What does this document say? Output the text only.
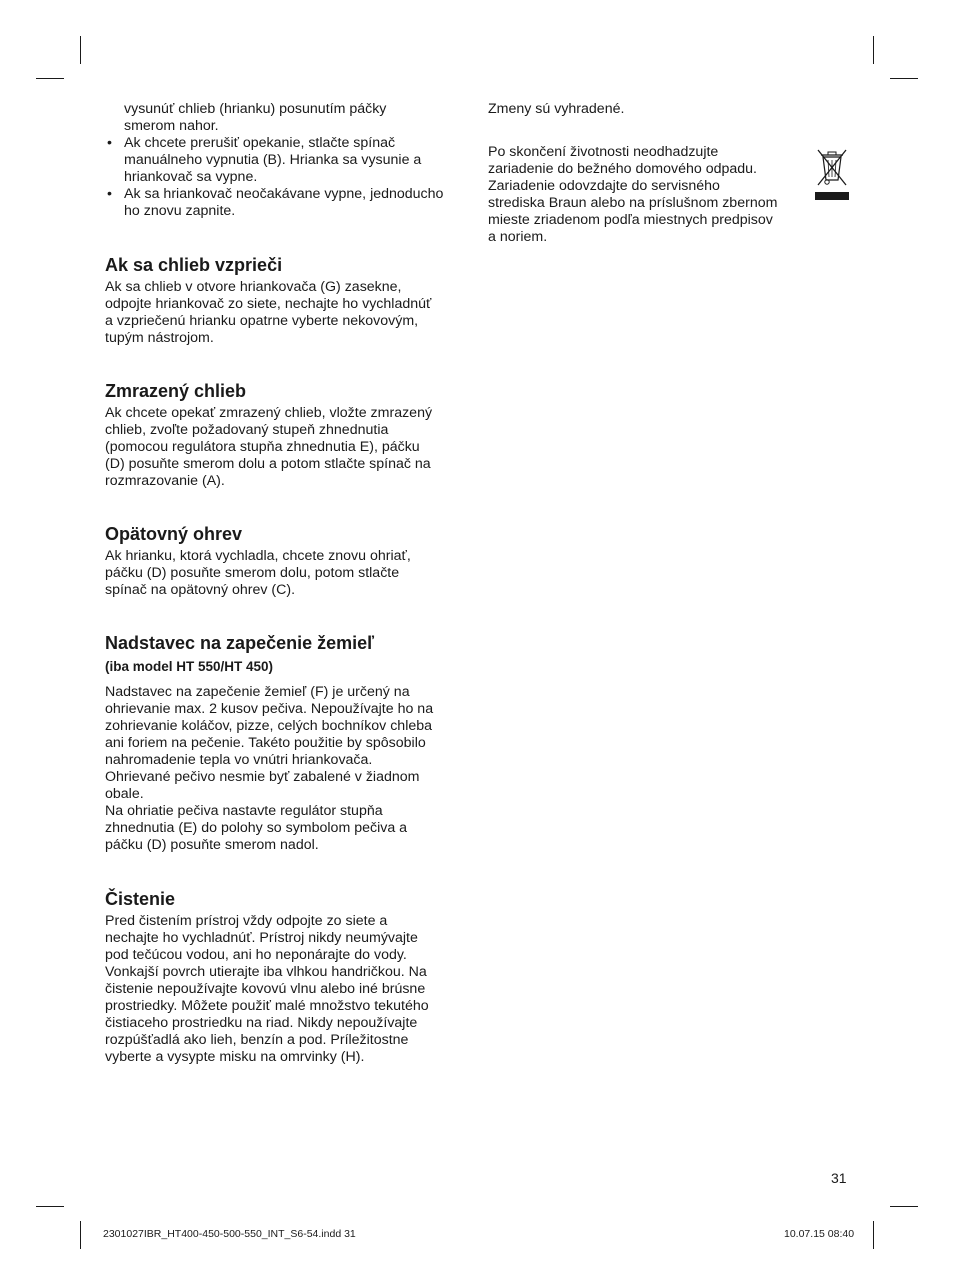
vysunúť chlieb (hrianku) posunutím páčky

smerom nahor.

• Ak chcete prerušiť opekanie, stlačte spínač
manuálneho vypnutia (B). Hrianka sa vysunie a
hriankovač sa vypne.
• Ak sa hriankovač neočakávane vypne, jednoducho
ho znovu zapnite.
Ak sa chlieb vzprieči

Ak sa chlieb v otvore hriankovača (G) zasekne,

odpojte hriankovač zo siete, nechajte ho vychladnúť

a vzpriečenú hrianku opatrne vyberte nekovovým,

tupým nástrojom.

Zmrazený chlieb

Ak chcete opekať zmrazený chlieb, vložte zmrazený

chlieb, zvoľte požadovaný stupeň zhnednutia

(pomocou regulátora stupňa zhnednutia E), páčku

(D) posuňte smerom dolu a potom stlačte spínač na

rozmrazovanie (A).

Opätovný ohrev

Ak hrianku, ktorá vychladla, chcete znovu ohriať,

páčku (D) posuňte smerom dolu, potom stlačte

spínač na opätovný ohrev (C).

Nadstavec na zapečenie žemieľ
(iba model HT 550/HT 450)

Nadstavec na zapečenie žemieľ (F) je určený na

ohrievanie max. 2 kusov pečiva. Nepoužívajte ho na

zohrievanie koláčov, pizze, celých bochníkov chleba

ani foriem na pečenie. Takéto použitie by spôsobilo

nahromadenie tepla vo vnútri hriankovača.

Ohrievané pečivo nesmie byť zabalené v žiadnom

obale.

Na ohriatie pečiva nastavte regulátor stupňa

zhnednutia (E) do polohy so symbolom pečiva a

páčku (D) posuňte smerom nadol.

Čistenie

Pred čistením prístroj vždy odpojte zo siete a

nechajte ho vychladnúť. Prístroj nikdy neumývajte

pod tečúcou vodou, ani ho neponárajte do vody.

Vonkajší povrch utierajte iba vlhkou handričkou. Na

čistenie nepoužívajte kovovú vlnu alebo iné brúsne

prostriedky. Môžete použiť malé množstvo tekutého

čistiaceho prostriedku na riad. Nikdy nepoužívajte

rozpúšťadlá ako lieh, benzín a pod. Príležitostne

vyberte a vysypte misku na omrvinky (H).

Zmeny sú vyhradené.

Po skončení životnosti neodhadzujte

zariadenie do bežného domového odpadu.

Zariadenie odovzdajte do servisného

strediska Braun alebo na príslušnom zbernom

mieste zriadenom podľa miestnych predpisov

a noriem.

31
2301027IBR_HT400-450-500-550_INT_S6-54.indd 31	10.07.15 08:40
